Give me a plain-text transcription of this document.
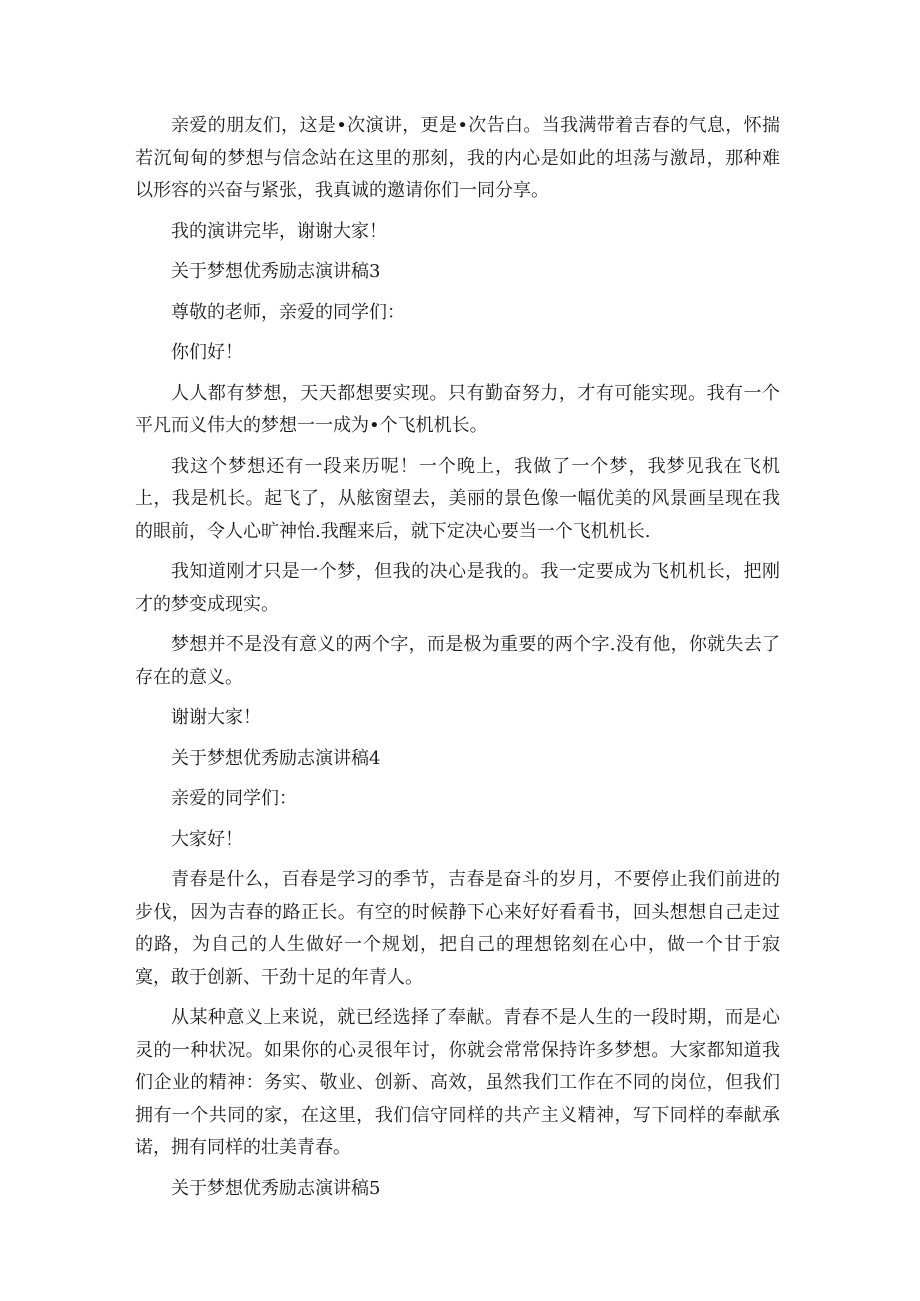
亲爱的朋友们，这是•次演讲，更是•次告白。当我满带着吉春的气息，怀揣若沉甸甸的梦想与信念站在这里的那刻，我的内心是如此的坦荡与激昂，那种难以形容的兴奋与紧张，我真诚的邀请你们一同分享。

我的演讲完毕，谢谢大家！

关于梦想优秀励志演讲稿3

尊敬的老师，亲爱的同学们：

你们好！

人人都有梦想，天天都想要实现。只有勤奋努力，才有可能实现。我有一个平凡而义伟大的梦想一一成为•个飞机机长。

我这个梦想还有一段来历呢！一个晚上，我做了一个梦，我梦见我在飞机上，我是机长。起飞了，从舷窗望去，美丽的景色像一幅优美的风景画呈现在我的眼前，令人心旷神怡.我醒来后，就下定决心要当一个飞机机长.

我知道刚才只是一个梦，但我的决心是我的。我一定要成为飞机机长，把刚才的梦变成现实。

梦想并不是没有意义的两个字，而是极为重要的两个字.没有他，你就失去了存在的意义。

谢谢大家！

关于梦想优秀励志演讲稿4

亲爱的同学们：

大家好！

青春是什么，百春是学习的季节，吉春是奋斗的岁月，不要停止我们前进的步伐，因为吉春的路正长。有空的时候静下心来好好看看书，回头想想自己走过的路，为自己的人生做好一个规划，把自己的理想铭刻在心中，做一个甘于寂寞，敢于创新、干劲十足的年青人。

从某种意义上来说，就已经选择了奉献。青春不是人生的一段时期，而是心灵的一种状况。如果你的心灵很年讨，你就会常常保持许多梦想。大家都知道我们企业的精神：务实、敬业、创新、高效，虽然我们工作在不同的岗位，但我们拥有一个共同的家，在这里，我们信守同样的共产主义精神，写下同样的奉献承诺，拥有同样的壮美青春。

关于梦想优秀励志演讲稿5
